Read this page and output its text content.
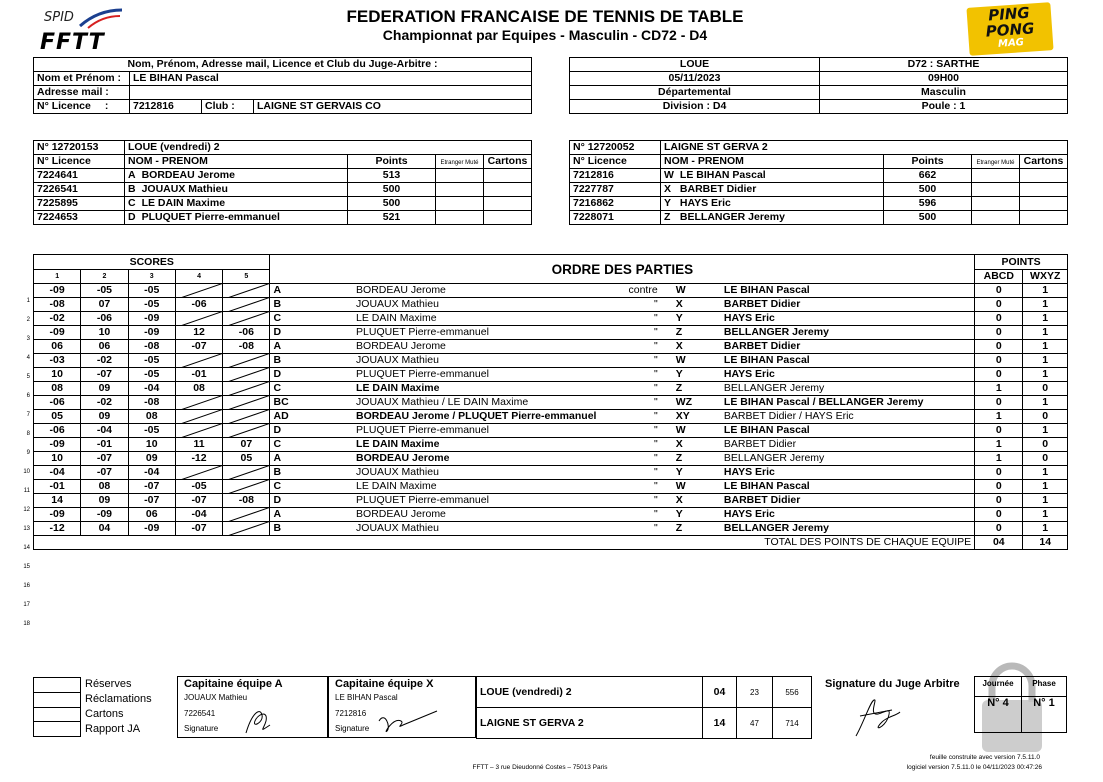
SPID
FFTT
FEDERATION FRANCAISE DE TENNIS DE TABLE
Championnat par Equipes - Masculin - CD72 - D4
PING
PONG
MAG
Nom, Prénom, Adresse mail, Licence et Club du Juge-Arbitre :			
Nom et Prénom :	LE BIHAN Pascal		
Adresse mail :			
N° Licence :	7212816	Club :	LAIGNE ST GERVAIS CO
LOUE	D72 : SARTHE
05/11/2023	09H00
Départemental	Masculin
Division : D4	Poule : 1
N° 12720153	LOUE (vendredi) 2				
N° Licence	NOM - PRENOM		Points	Etranger Muté	Cartons
7224641	A	BORDEAU Jerome	513		
7226541	B	JOUAUX Mathieu	500		
7225895	C	LE DAIN Maxime	500		
7224653	D	PLUQUET Pierre-emmanuel	521		
N° 12720052	LAIGNE ST GERVA 2				
N° Licence	NOM - PRENOM		Points	Etranger Muté	Cartons
7212816	W	LE BIHAN Pascal	662		
7227787	X	BARBET Didier	500		
7216862	Y	HAYS Eric	596		
7228071	Z	BELLANGER Jeremy	500		
1
2
3
4
5
6
7
8
9
10
11
12
13
14
15
16
17
18
SCORES					ORDRE DES PARTIES					POINTS	
1	2	3	4	5						ABCD	WXYZ
-09	-05	-05			A	BORDEAU Jerome	contre	W	LE BIHAN Pascal	0	1
-08	07	-05	-06		B	JOUAUX Mathieu	"	X	BARBET Didier	0	1
-02	-06	-09			C	LE DAIN Maxime	"	Y	HAYS Eric	0	1
-09	10	-09	12	-06	D	PLUQUET Pierre-emmanuel	"	Z	BELLANGER Jeremy	0	1
06	06	-08	-07	-08	A	BORDEAU Jerome	"	X	BARBET Didier	0	1
-03	-02	-05			B	JOUAUX Mathieu	"	W	LE BIHAN Pascal	0	1
10	-07	-05	-01		D	PLUQUET Pierre-emmanuel	"	Y	HAYS Eric	0	1
08	09	-04	08		C	LE DAIN Maxime	"	Z	BELLANGER Jeremy	1	0
-06	-02	-08			BC	JOUAUX Mathieu / LE DAIN Maxime	"	WZ	LE BIHAN Pascal / BELLANGER Jeremy	0	1
05	09	08			AD	BORDEAU Jerome / PLUQUET Pierre-emmanuel	"	XY	BARBET Didier / HAYS Eric	1	0
-06	-04	-05			D	PLUQUET Pierre-emmanuel	"	W	LE BIHAN Pascal	0	1
-09	-01	10	11	07	C	LE DAIN Maxime	"	X	BARBET Didier	1	0
10	-07	09	-12	05	A	BORDEAU Jerome	"	Z	BELLANGER Jeremy	1	0
-04	-07	-04			B	JOUAUX Mathieu	"	Y	HAYS Eric	0	1
-01	08	-07	-05		C	LE DAIN Maxime	"	W	LE BIHAN Pascal	0	1
14	09	-07	-07	-08	D	PLUQUET Pierre-emmanuel	"	X	BARBET Didier	0	1
-09	-09	06	-04		A	BORDEAU Jerome	"	Y	HAYS Eric	0	1
-12	04	-09	-07		B	JOUAUX Mathieu	"	Z	BELLANGER Jeremy	0	1
TOTAL DES POINTS DE CHAQUE EQUIPE										04	14
Réserves
Réclamations
Cartons
Rapport JA
Capitaine équipe A
JOUAUX Mathieu
7226541
Signature
Capitaine équipe X
LE BIHAN Pascal
7212816
Signature
LOUE (vendredi) 2	04	23	556
LAIGNE ST GERVA 2	14	47	714
Signature du Juge Arbitre	Journée	Phase
N° 4	N° 1
FFTT – 3 rue Dieudonné Costes – 75013 Paris
feuille construite avec version 7.5.11.0
logiciel version 7.5.11.0 le 04/11/2023 00:47:26
